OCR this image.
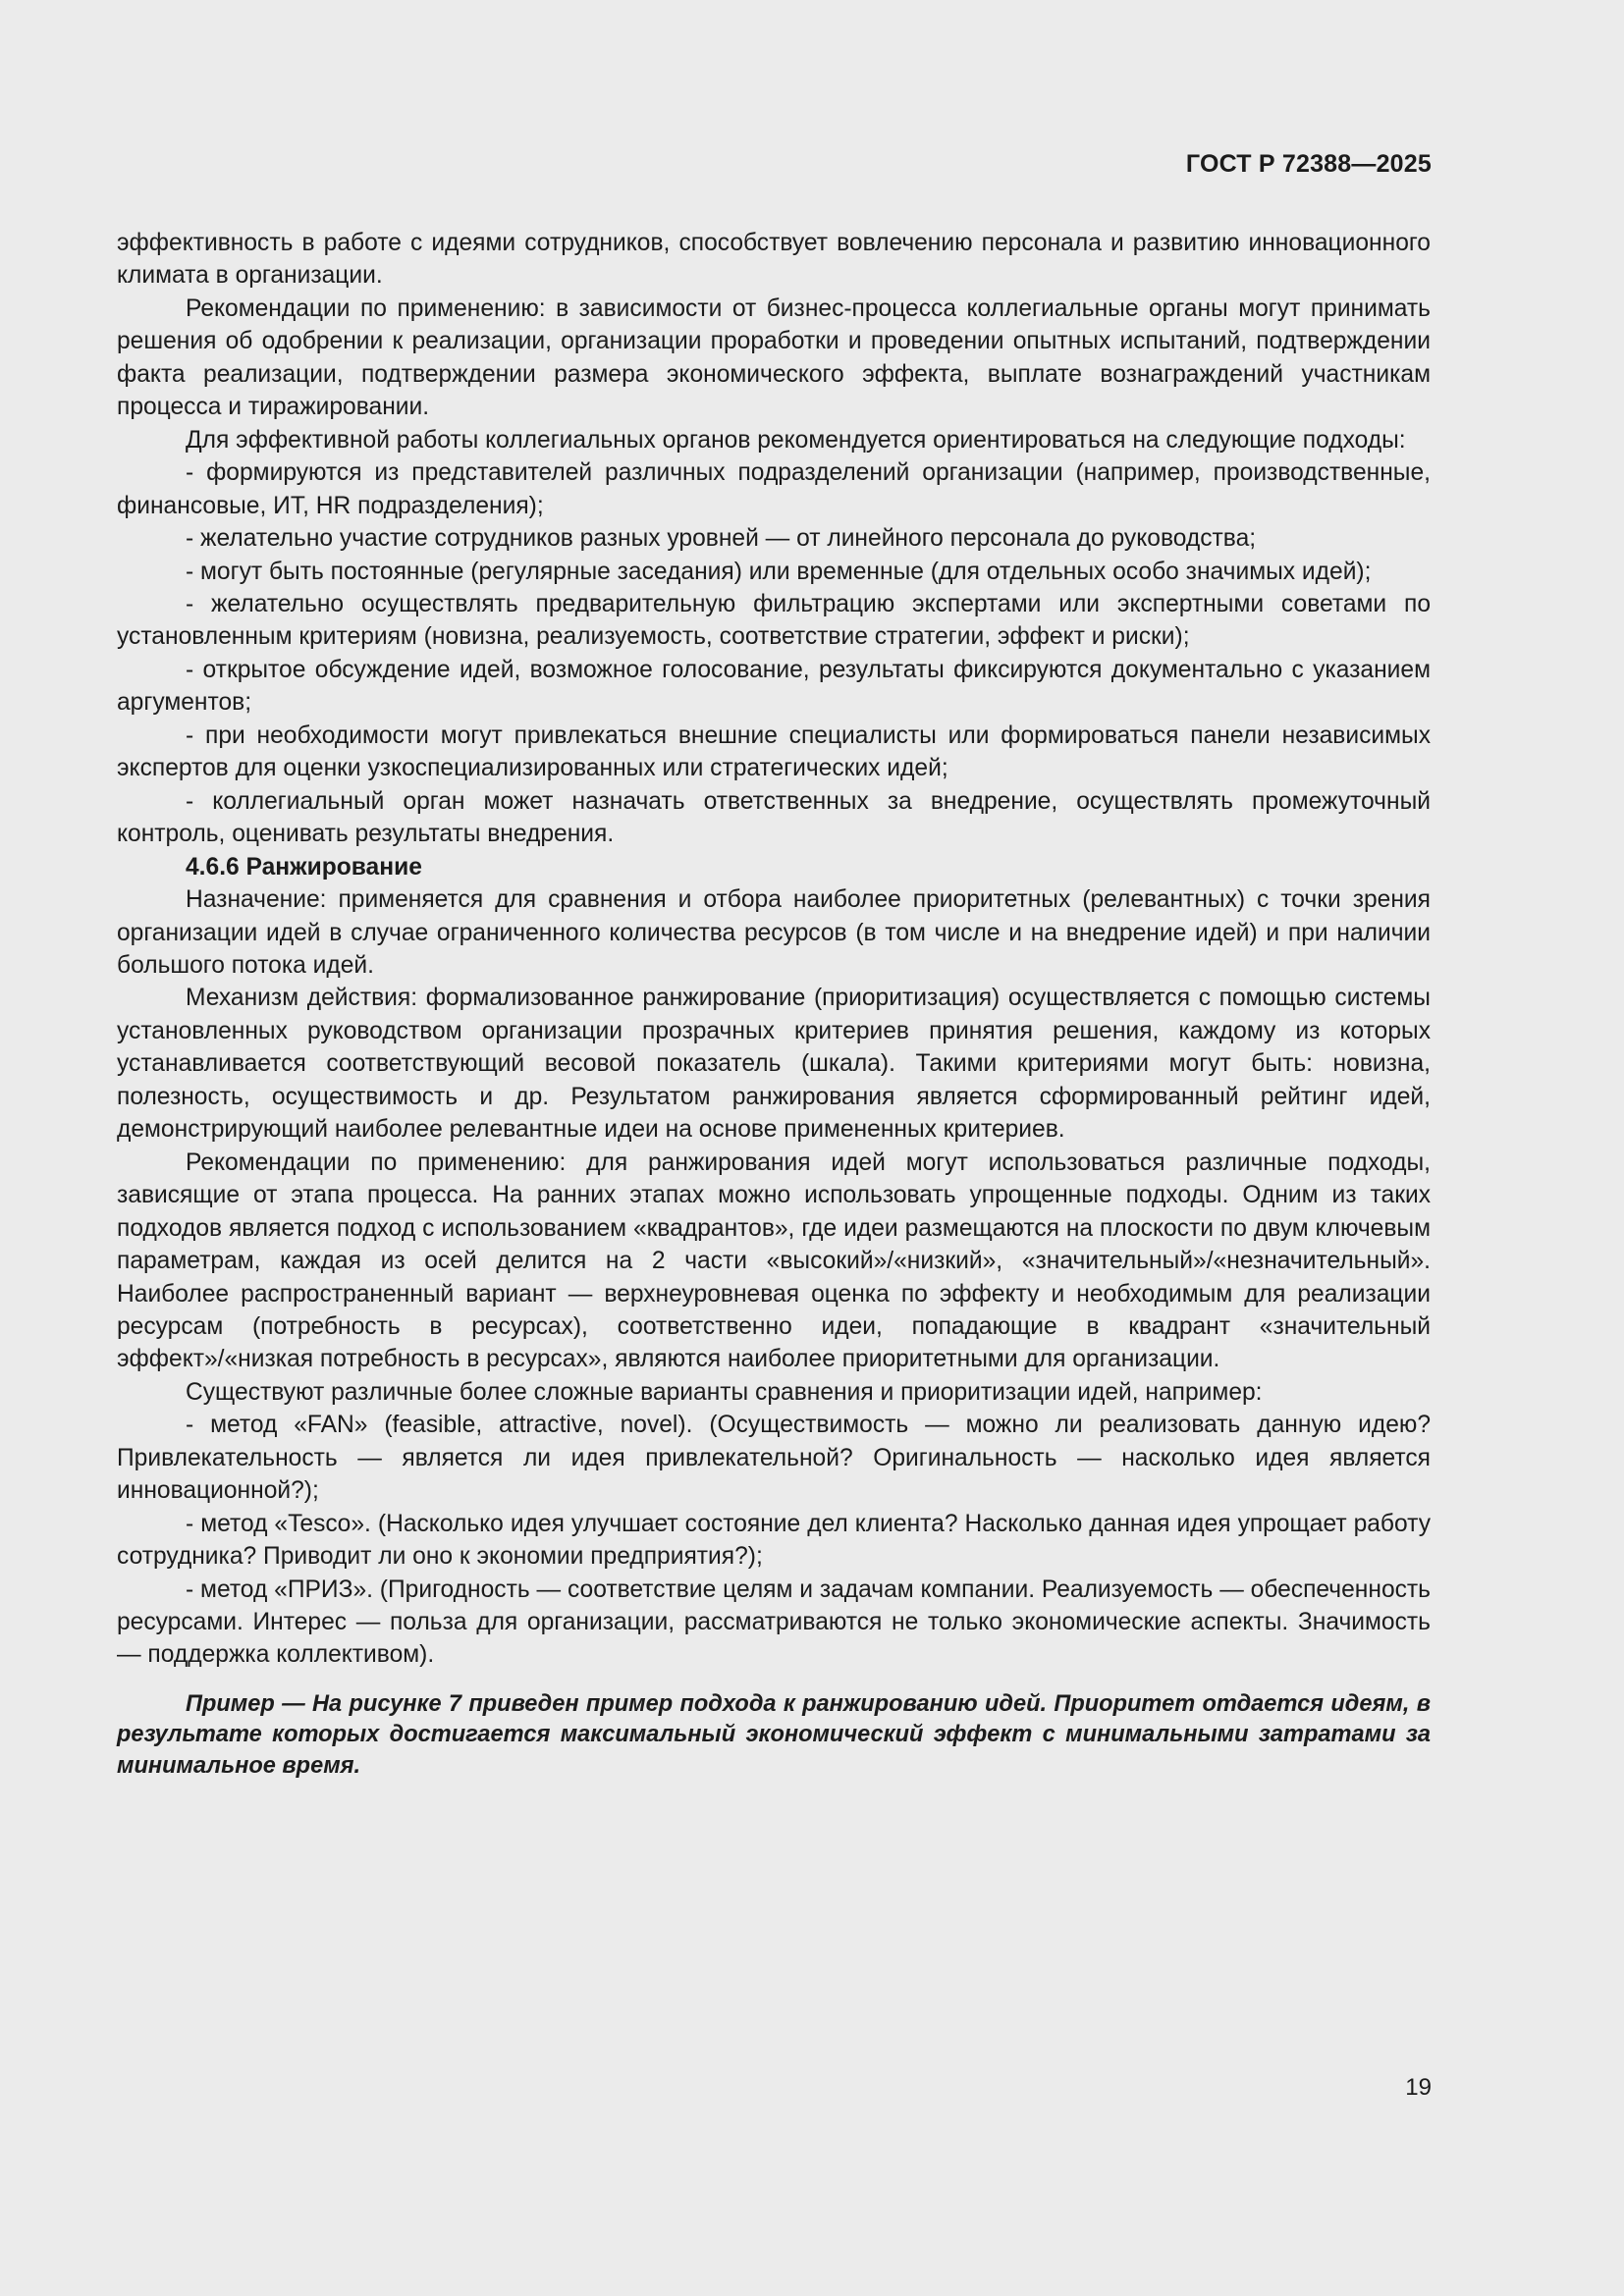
ГОСТ Р 72388—2025

эффективность в работе с идеями сотрудников, способствует вовлечению персонала и развитию инновационного климата в организации.

Рекомендации по применению: в зависимости от бизнес-процесса коллегиальные органы могут принимать решения об одобрении к реализации, организации проработки и проведении опытных испытаний, подтверждении факта реализации, подтверждении размера экономического эффекта, выплате вознаграждений участникам процесса и тиражировании.

Для эффективной работы коллегиальных органов рекомендуется ориентироваться на следующие подходы:

- формируются из представителей различных подразделений организации (например, производственные, финансовые, ИТ, HR подразделения);

- желательно участие сотрудников разных уровней — от линейного персонала до руководства;

- могут быть постоянные (регулярные заседания) или временные (для отдельных особо значимых идей);

- желательно осуществлять предварительную фильтрацию экспертами или экспертными советами по установленным критериям (новизна, реализуемость, соответствие стратегии, эффект и риски);

- открытое обсуждение идей, возможное голосование, результаты фиксируются документально с указанием аргументов;

- при необходимости могут привлекаться внешние специалисты или формироваться панели независимых экспертов для оценки узкоспециализированных или стратегических идей;

- коллегиальный орган может назначать ответственных за внедрение, осуществлять промежуточный контроль, оценивать результаты внедрения.

4.6.6 Ранжирование

Назначение: применяется для сравнения и отбора наиболее приоритетных (релевантных) с точки зрения организации идей в случае ограниченного количества ресурсов (в том числе и на внедрение идей) и при наличии большого потока идей.

Механизм действия: формализованное ранжирование (приоритизация) осуществляется с помощью системы установленных руководством организации прозрачных критериев принятия решения, каждому из которых устанавливается соответствующий весовой показатель (шкала). Такими критериями могут быть: новизна, полезность, осуществимость и др. Результатом ранжирования является сформированный рейтинг идей, демонстрирующий наиболее релевантные идеи на основе примененных критериев.

Рекомендации по применению: для ранжирования идей могут использоваться различные подходы, зависящие от этапа процесса. На ранних этапах можно использовать упрощенные подходы. Одним из таких подходов является подход с использованием «квадрантов», где идеи размещаются на плоскости по двум ключевым параметрам, каждая из осей делится на 2 части «высокий»/«низкий», «значительный»/«незначительный». Наиболее распространенный вариант — верхнеуровневая оценка по эффекту и необходимым для реализации ресурсам (потребность в ресурсах), соответственно идеи, попадающие в квадрант «значительный эффект»/«низкая потребность в ресурсах», являются наиболее приоритетными для организации.

Существуют различные более сложные варианты сравнения и приоритизации идей, например:

- метод «FAN» (feasible, attractive, novel). (Осуществимость — можно ли реализовать данную идею? Привлекательность — является ли идея привлекательной? Оригинальность — насколько идея является инновационной?);

- метод «Tesco». (Насколько идея улучшает состояние дел клиента? Насколько данная идея упрощает работу сотрудника? Приводит ли оно к экономии предприятия?);

- метод «ПРИЗ». (Пригодность — соответствие целям и задачам компании. Реализуемость — обеспеченность ресурсами. Интерес — польза для организации, рассматриваются не только экономические аспекты. Значимость — поддержка коллективом).

Пример — На рисунке 7 приведен пример подхода к ранжированию идей. Приоритет отдается идеям, в результате которых достигается максимальный экономический эффект с минимальными затратами за минимальное время.

19
